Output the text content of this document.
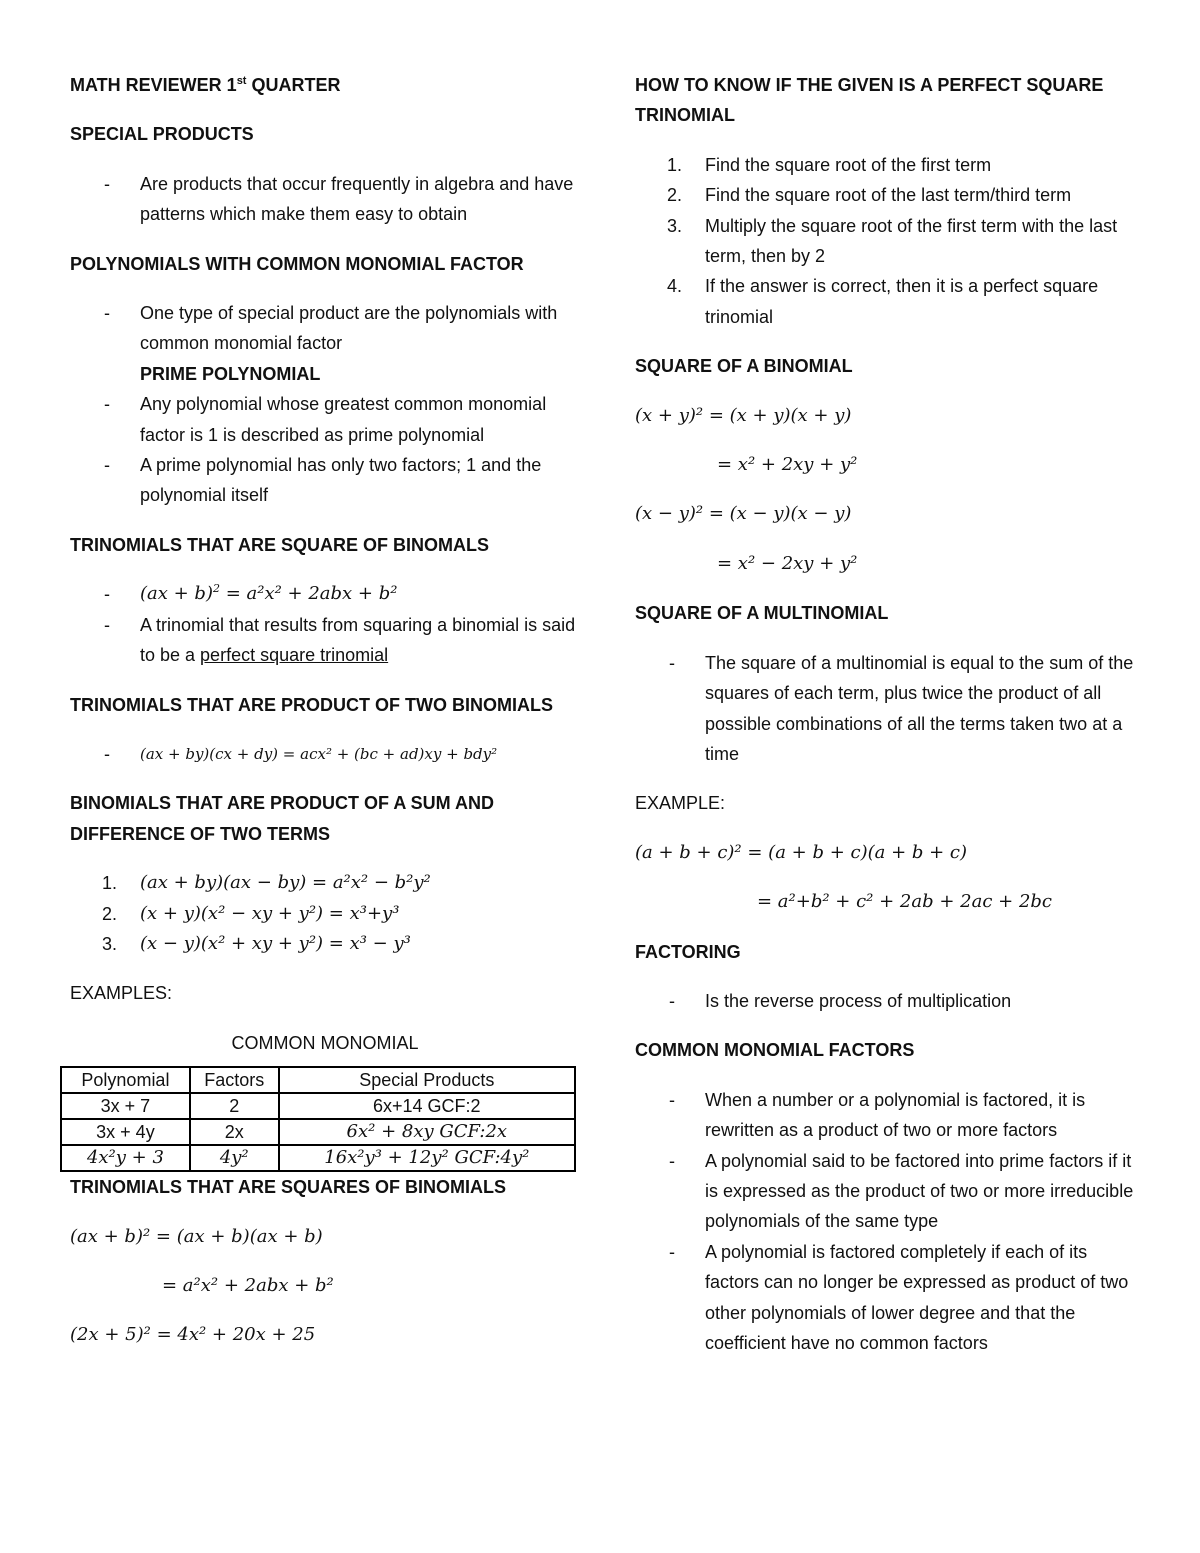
MATH REVIEWER 1st QUARTER
SPECIAL PRODUCTS
-	Are products that occur frequently in algebra and have patterns which make them easy to obtain
POLYNOMIALS WITH COMMON MONOMIAL FACTOR
-	One type of special product are the polynomials with common monomial factor
PRIME POLYNOMIAL
-	Any polynomial whose greatest common monomial factor is 1 is described as prime polynomial
-	A prime polynomial has only two factors; 1 and the polynomial itself
TRINOMIALS THAT ARE SQUARE OF BINOMALS
-	(ax + b)$^2$ = a²x² + 2abx + b²
-	A trinomial that results from squaring a binomial is said to be a perfect square trinomial
TRINOMIALS THAT ARE PRODUCT OF TWO BINOMIALS
-	(ax + by)(cx + dy) = acx² + (bc + ad)xy + bdy²
BINOMIALS THAT ARE PRODUCT OF A SUM AND DIFFERENCE OF TWO TERMS
1.	(ax + by)(ax − by) = a²x² − b²y²
2.	(x + y)(x² − xy + y²) = x³+y³
3.	(x − y)(x² + xy + y²) = x³ − y³
EXAMPLES:
COMMON MONOMIAL
Polynomial	Factors	Special Products
3x + 7	2	6x+14 GCF:2
3x + 4y	2x	6x² + 8xy GCF:2x
4x²y + 3	4y²	16x²y³ + 12y² GCF:4y²
TRINOMIALS THAT ARE SQUARES OF BINOMIALS
(ax + b)² = (ax + b)(ax + b)
= a²x² + 2abx + b²
(2x + 5)² = 4x² + 20x + 25
HOW TO KNOW IF THE GIVEN IS A PERFECT SQUARE TRINOMIAL
1.	Find the square root of the first term
2.	Find the square root of the last term/third term
3.	Multiply the square root of the first term with the last term, then by 2
4.	If the answer is correct, then it is a perfect square trinomial
SQUARE OF A BINOMIAL
(x + y)² = (x + y)(x + y)
= x² + 2xy + y²
(x − y)² = (x − y)(x − y)
= x² − 2xy + y²
SQUARE OF A MULTINOMIAL
-	The square of a multinomial is equal to the sum of the squares of each term, plus twice the product of all possible combinations of all the terms taken two at a time
EXAMPLE:
(a + b + c)² = (a + b + c)(a + b + c)
= a²+b² + c² + 2ab + 2ac + 2bc
FACTORING
-	Is the reverse process of multiplication
COMMON MONOMIAL FACTORS
-	When a number or a polynomial is factored, it is rewritten as a product of two or more factors
-	A polynomial said to be factored into prime factors if it is expressed as the product of two or more irreducible polynomials of the same type
-	A polynomial is factored completely if each of its factors can no longer be expressed as product of two other polynomials of lower degree and that the coefficient have no common factors
